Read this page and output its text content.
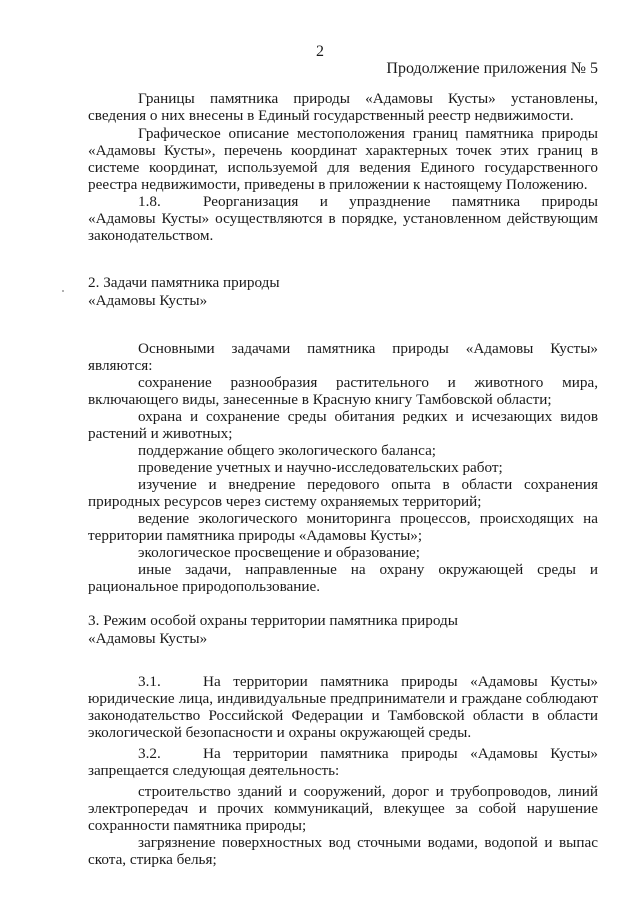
2
Продолжение приложения № 5

Границы памятника природы «Адамовы Кусты» установлены, сведения о них внесены в Единый государственный реестр недвижимости.

Графическое описание местоположения границ памятника природы «Адамовы Кусты», перечень координат характерных точек этих границ в системе координат, используемой для ведения Единого государственного реестра недвижимости, приведены в приложении к настоящему Положению.

1.8.	Реорганизация и упразднение памятника природы «Адамовы Кусты» осуществляются в порядке, установленном действующим законодательством.

2. Задачи памятника природы

«Адамовы Кусты»

Основными задачами памятника природы «Адамовы Кусты» являются:

сохранение разнообразия растительного и животного мира, включающего виды, занесенные в Красную книгу Тамбовской области;

охрана и сохранение среды обитания редких и исчезающих видов растений и животных;

поддержание общего экологического баланса;

проведение учетных и научно-исследовательских работ;

изучение и внедрение передового опыта в области сохранения природных ресурсов через систему охраняемых территорий;

ведение экологического мониторинга процессов, происходящих на территории памятника природы «Адамовы Кусты»;

экологическое просвещение и образование;

иные задачи, направленные на охрану окружающей среды и рациональное природопользование.

3. Режим особой охраны территории памятника природы

«Адамовы Кусты»

3.1.	На территории памятника природы «Адамовы Кусты» юридические лица, индивидуальные предприниматели и граждане соблюдают законодательство Российской Федерации и Тамбовской области в области экологической безопасности и охраны окружающей среды.

3.2.	На территории памятника природы «Адамовы Кусты» запрещается следующая деятельность:

строительство зданий и сооружений, дорог и трубопроводов, линий электропередач и прочих коммуникаций, влекущее за собой нарушение сохранности памятника природы;

загрязнение поверхностных вод сточными водами, водопой и выпас скота, стирка белья;
